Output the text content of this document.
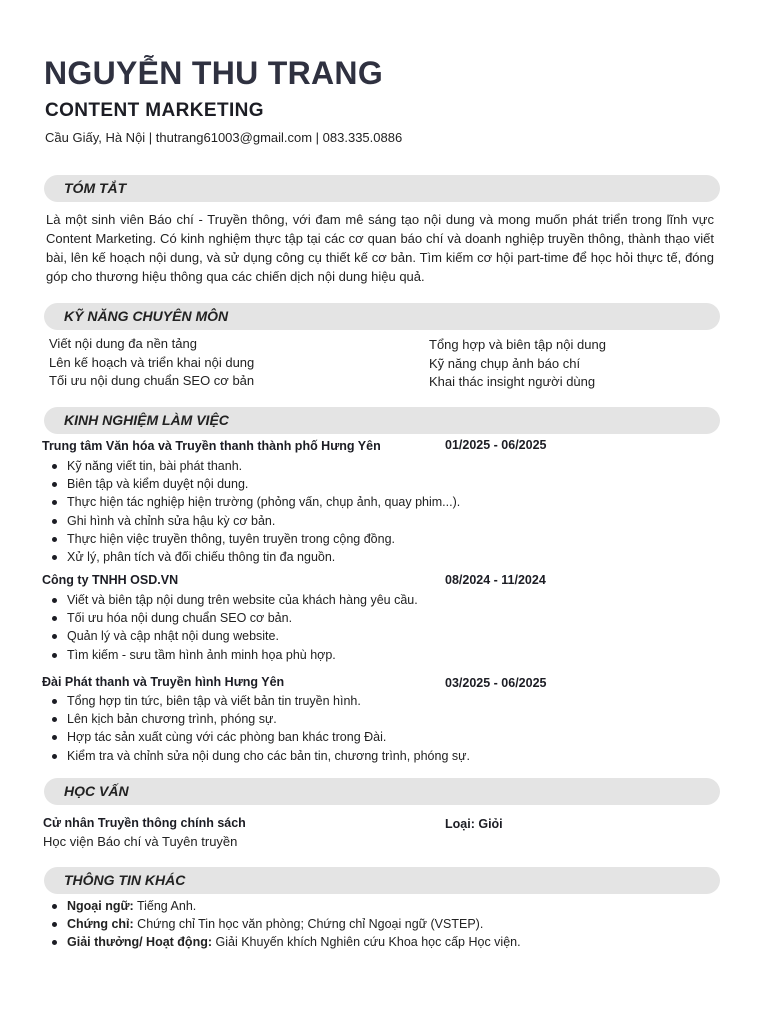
NGUYỄN THU TRANG
CONTENT MARKETING
Cầu Giấy, Hà Nội | thutrang61003@gmail.com | 083.335.0886
TÓM TẮT
Là một sinh viên Báo chí - Truyền thông, với đam mê sáng tạo nội dung và mong muốn phát triển trong lĩnh vực Content Marketing. Có kinh nghiệm thực tập tại các cơ quan báo chí và doanh nghiệp truyền thông, thành thạo viết bài, lên kế hoạch nội dung, và sử dụng công cụ thiết kế cơ bản. Tìm kiếm cơ hội part-time để học hỏi thực tế, đóng góp cho thương hiệu thông qua các chiến dịch nội dung hiệu quả.
KỸ NĂNG CHUYÊN MÔN
Viết nội dung đa nền tảng
Lên kế hoạch và triển khai nội dung
Tối ưu nội dung chuẩn SEO cơ bản
Tổng hợp và biên tập nội dung
Kỹ năng chụp ảnh báo chí
Khai thác insight người dùng
KINH NGHIỆM LÀM VIỆC
Trung tâm Văn hóa và Truyền thanh thành phố Hưng Yên	01/2025 - 06/2025
Kỹ năng viết tin, bài phát thanh.
Biên tập và kiểm duyệt nội dung.
Thực hiện tác nghiệp hiện trường (phỏng vấn, chụp ảnh, quay phim...).
Ghi hình và chỉnh sửa hậu kỳ cơ bản.
Thực hiện việc truyền thông, tuyên truyền trong cộng đồng.
Xử lý, phân tích và đối chiếu thông tin đa nguồn.
Công ty TNHH OSD.VN	08/2024 - 11/2024
Viết và biên tập nội dung trên website của khách hàng yêu cầu.
Tối ưu hóa nội dung chuẩn SEO cơ bản.
Quản lý và cập nhật nội dung website.
Tìm kiếm - sưu tầm hình ảnh minh họa phù hợp.
Đài Phát thanh và Truyền hình Hưng Yên	03/2025 - 06/2025
Tổng hợp tin tức, biên tập và viết bản tin truyền hình.
Lên kịch bản chương trình, phóng sự.
Hợp tác sản xuất cùng với các phòng ban khác trong Đài.
Kiểm tra và chỉnh sửa nội dung cho các bản tin, chương trình, phóng sự.
HỌC VẤN
Cử nhân Truyền thông chính sách
Học viện Báo chí và Tuyên truyền
Loại: Giỏi
THÔNG TIN KHÁC
Ngoại ngữ: Tiếng Anh.
Chứng chỉ: Chứng chỉ Tin học văn phòng; Chứng chỉ Ngoại ngữ (VSTEP).
Giải thưởng/ Hoạt động: Giải Khuyến khích Nghiên cứu Khoa học cấp Học viện.
